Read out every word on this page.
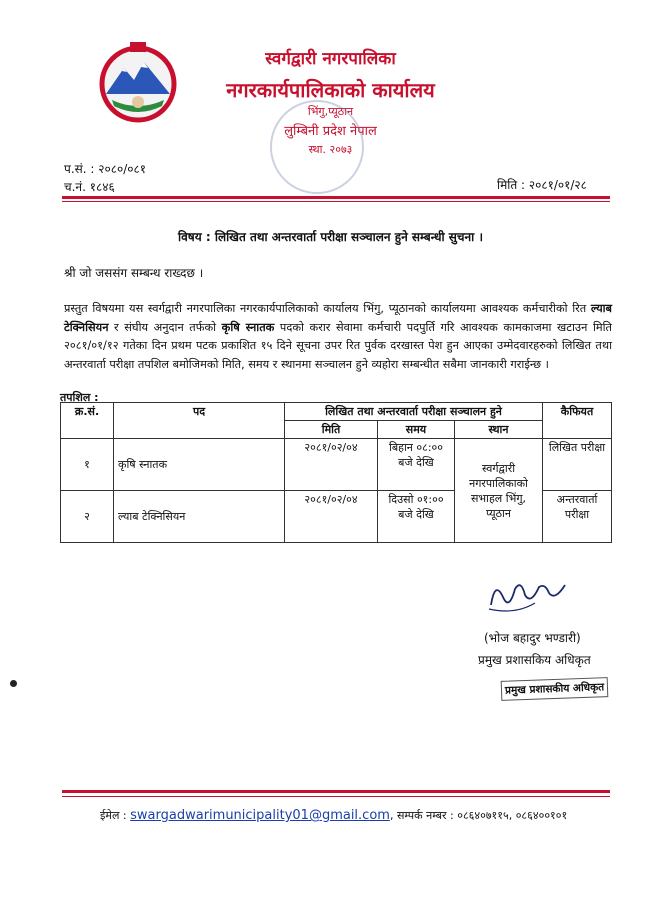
स्वर्गद्वारी नगरपालिका
नगरकार्यपालिकाको कार्यालय
भिंगु,प्यूठान
लुम्बिनी प्रदेश नेपाल
स्था. २०७३
प.सं. : २०८०/०८१
च.नं. १८४६	मिति : २०८१/०१/२८
विषय : लिखित तथा अन्तरवार्ता परीक्षा सञ्चालन हुने सम्बन्धी सुचना ।
श्री जो जससंग सम्बन्ध राख्दछ ।
प्रस्तुत विषयमा यस स्वर्गद्वारी नगरपालिका नगरकार्यपालिकाको कार्यालय भिंगु, प्यूठानको कार्यालयमा आवश्यक कर्मचारीको रित ल्याब टेक्निसियन र संघीय अनुदान तर्फको कृषि स्नातक पदको करार सेवामा कर्मचारी पदपुर्ति गरि आवश्यक कामकाजमा खटाउन मिति २०८१/०१/१२ गतेका दिन प्रथम पटक प्रकाशित १५ दिने सूचना उपर रित पुर्वक दरखास्त पेश हुन आएका उम्मेदवारहरुको लिखित तथा अन्तरवार्ता परीक्षा तपशिल बमोजिमको मिति, समय र स्थानमा सञ्चालन हुने व्यहोरा सम्बन्धीत सबैमा जानकारी गराईन्छ ।
तपशिल :
क्र.सं.	पद	लिखित तथा अन्तरवार्ता परीक्षा सञ्चालन हुने			कैफियत
		मिति	समय	स्थान	
१	कृषि स्नातक	२०८१/०२/०४	बिहान ०८:०० बजे देखि	स्वर्गद्वारी नगरपालिकाको सभाहल भिंगु, प्यूठान	लिखित परीक्षा
२	ल्याब टेक्निसियन	२०८१/०२/०४	दिउसो ०१:०० बजे देखि		अन्तरवार्ता परीक्षा
(भोज बहादुर भण्डारी)
प्रमुख प्रशासकिय अधिकृत
प्रमुख प्रशासकीय अधिकृत
ईमेल : swargadwarimunicipality01@gmail.com, सम्पर्क नम्बर : ०८६४०७११५, ०८६४००१०१
